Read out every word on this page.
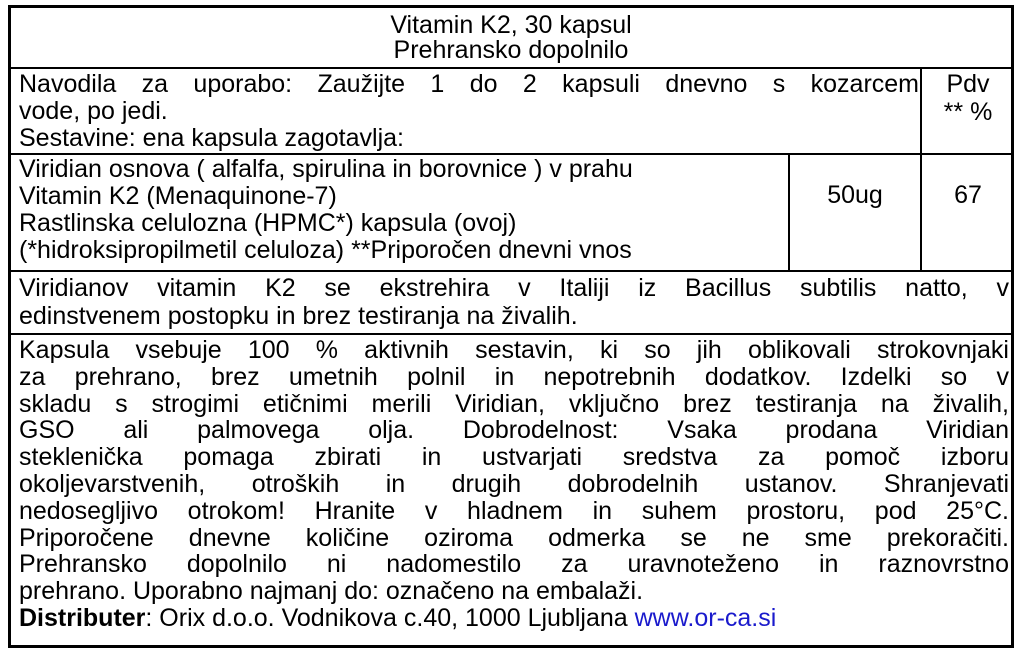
Vitamin K2, 30 kapsul
Prehransko dopolnilo
Navodila za uporabo: Zaužijte 1 do 2 kapsuli dnevno s kozarcem
vode, po jedi.
Sestavine: ena kapsula zagotavlja:
Pdv
** %
Viridian osnova ( alfalfa, spirulina in borovnice ) v prahu
Vitamin K2 (Menaquinone-7)
Rastlinska celulozna (HPMC*) kapsula (ovoj)
(*hidroksipropilmetil celuloza) **Priporočen dnevni vnos
50ug	67
Viridianov vitamin K2 se ekstrehira v Italiji iz Bacillus subtilis natto, v
edinstvenem postopku in brez testiranja na živalih.
Kapsula vsebuje 100 % aktivnih sestavin, ki so jih oblikovali strokovnjaki
za prehrano, brez umetnih polnil in nepotrebnih dodatkov. Izdelki so v
skladu s strogimi etičnimi merili Viridian, vključno brez testiranja na živalih,
GSO ali palmovega olja. Dobrodelnost: Vsaka prodana Viridian
steklenička pomaga zbirati in ustvarjati sredstva za pomoč izboru
okoljevarstvenih, otroških in drugih dobrodelnih ustanov. Shranjevati
nedosegljivo otrokom! Hranite v hladnem in suhem prostoru, pod 25°C.
Priporočene dnevne količine oziroma odmerka se ne sme prekoračiti.
Prehransko dopolnilo ni nadomestilo za uravnoteženo in raznovrstno
prehrano. Uporabno najmanj do: označeno na embalaži.
Distributer: Orix d.o.o. Vodnikova c.40, 1000 Ljubljana www.or-ca.si
